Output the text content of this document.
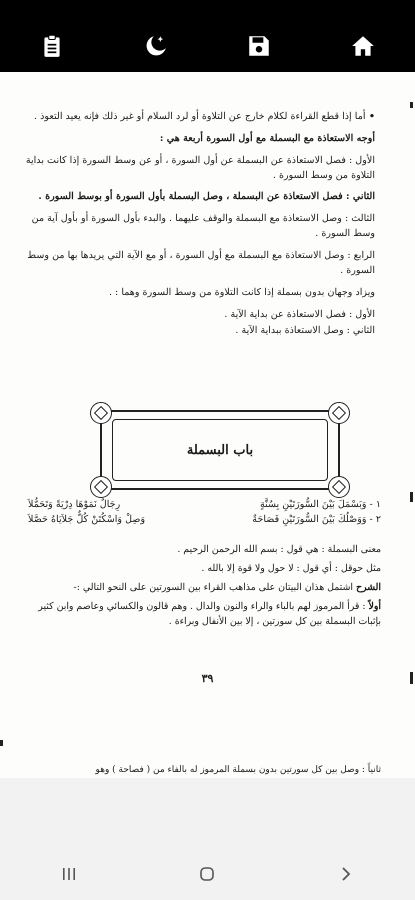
• أما إذا قطع القراءة لكلام خارج عن التلاوة أو لرد السلام أو غير ذلك فإنه يعيد التعوذ .

أوجه الاستعاذة مع البسملة مع أول السورة أربعة هي :

الأول : فصل الاستعاذة عن البسملة عن أول السورة ، أو عن وسط السورة إذا كانت بداية التلاوة من وسط السورة .

الثاني : فصل الاستعاذة عن البسملة ، وصل البسملة بأول السورة أو بوسط السورة .

الثالث : وصل الاستعاذة مع البسملة والوقف عليهما . والبدء بأول السورة أو بأول آية من وسط السورة .

الرابع : وصل الاستعاذة مع البسملة مع أول السورة ، أو مع الآية التي يريدها بها من وسط السورة .

ويزاد وجهان بدون بسملة إذا كانت التلاوة من وسط السورة وهما : .

الأول : فصل الاستعاذة عن بداية الآية .

الثاني : وصل الاستعاذة ببداية الآية .

باب البسملة
١ - وَبَسْمَلَ بَيْنَ السُّورَتَيْنِ بِسُنَّةٍ
رِجَالٌ نَمَوْهَا دِرْيَةً وَتَحَمُّلاَ
٢ - وَوَصْلُكَ بَيْنَ السُّورَتَيْنِ فَصَاحَةٌ
وَصِلْ وَاسْكُتَنْ كُلٌّ جَلاَيَاهُ حَصَّلاَ

معنى البسملة : هي قول : بسم الله الرحمن الرحيم .

مثل حوقل : أي قول : لا حول ولا قوة إلا بالله .

الشرح اشتمل هذان البيتان على مذاهب القراء بين السورتين على النحو التالي :-

أولاً : قرأ المرموز لهم بالباء والراء والنون والدال . وهم قالون والكسائي وعاصم وابن كثير بإثبات البسملة بين كل سورتين ، إلا بين الأنفال وبراءة .

٣٩
ثانياً : وصل بين كل سورتين بدون بسملة المرموز له بالفاء من ( فصاحة ) وهو
